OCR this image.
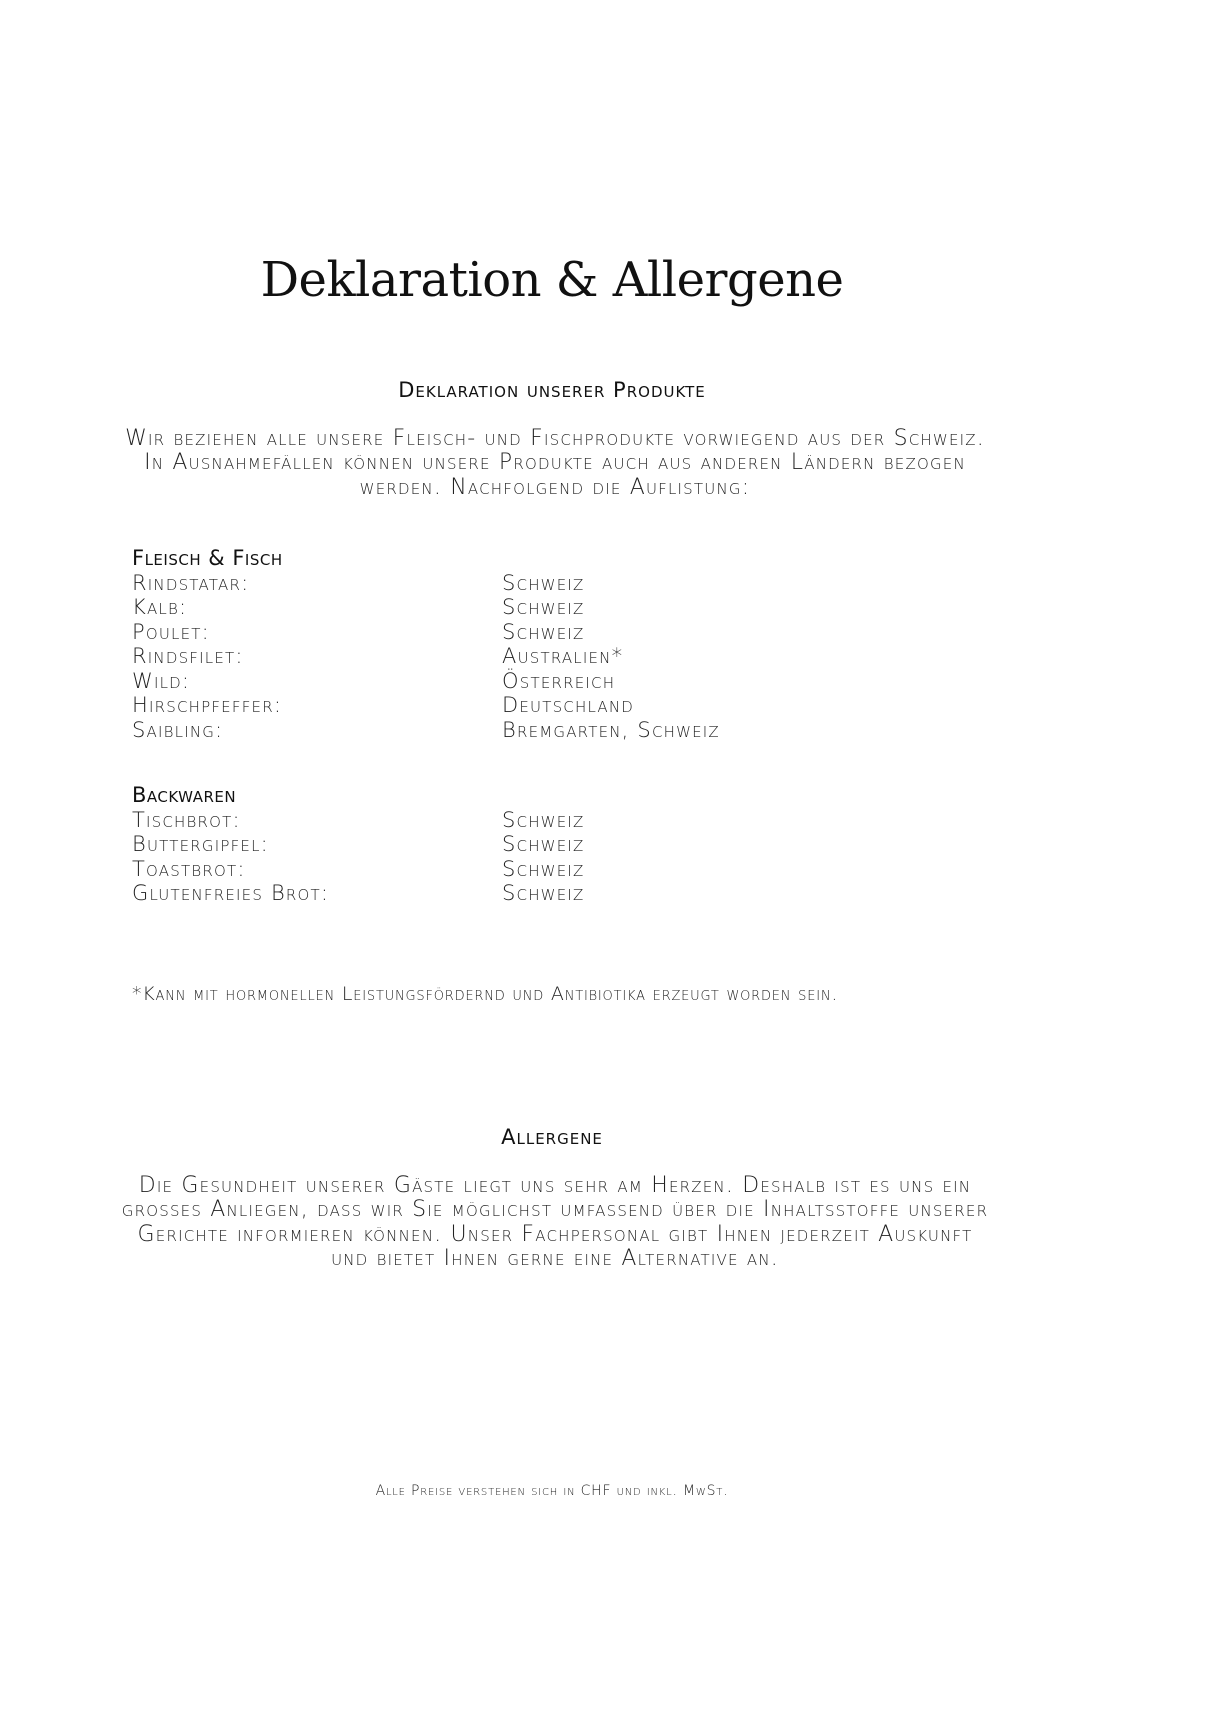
Deklaration & Allergene
Deklaration unserer Produkte
Wir beziehen alle unsere Fleisch- und Fischprodukte vorwiegend aus der Schweiz. In Ausnahmefällen können unsere Produkte auch aus anderen Ländern bezogen werden. Nachfolgend die Auflistung:
Fleisch & Fisch
Rindstatar:	Schweiz
Kalb:	Schweiz
Poulet:	Schweiz
Rindsfilet:	Australien*
Wild:	Österreich
Hirschpfeffer:	Deutschland
Saibling:	Bremgarten, Schweiz
Backwaren
Tischbrot:	Schweiz
Buttergipfel:	Schweiz
Toastbrot:	Schweiz
Glutenfreies Brot:	Schweiz
*Kann mit hormonellen Leistungsfördernd und Antibiotika erzeugt worden sein.
Allergene
Die Gesundheit unserer Gäste liegt uns sehr am Herzen. Deshalb ist es uns ein grosses Anliegen, dass wir Sie möglichst umfassend über die Inhaltsstoffe unserer Gerichte informieren können. Unser Fachpersonal gibt Ihnen jederzeit Auskunft und bietet Ihnen gerne eine Alternative an.
Alle Preise verstehen sich in CHF und inkl. MwSt.
